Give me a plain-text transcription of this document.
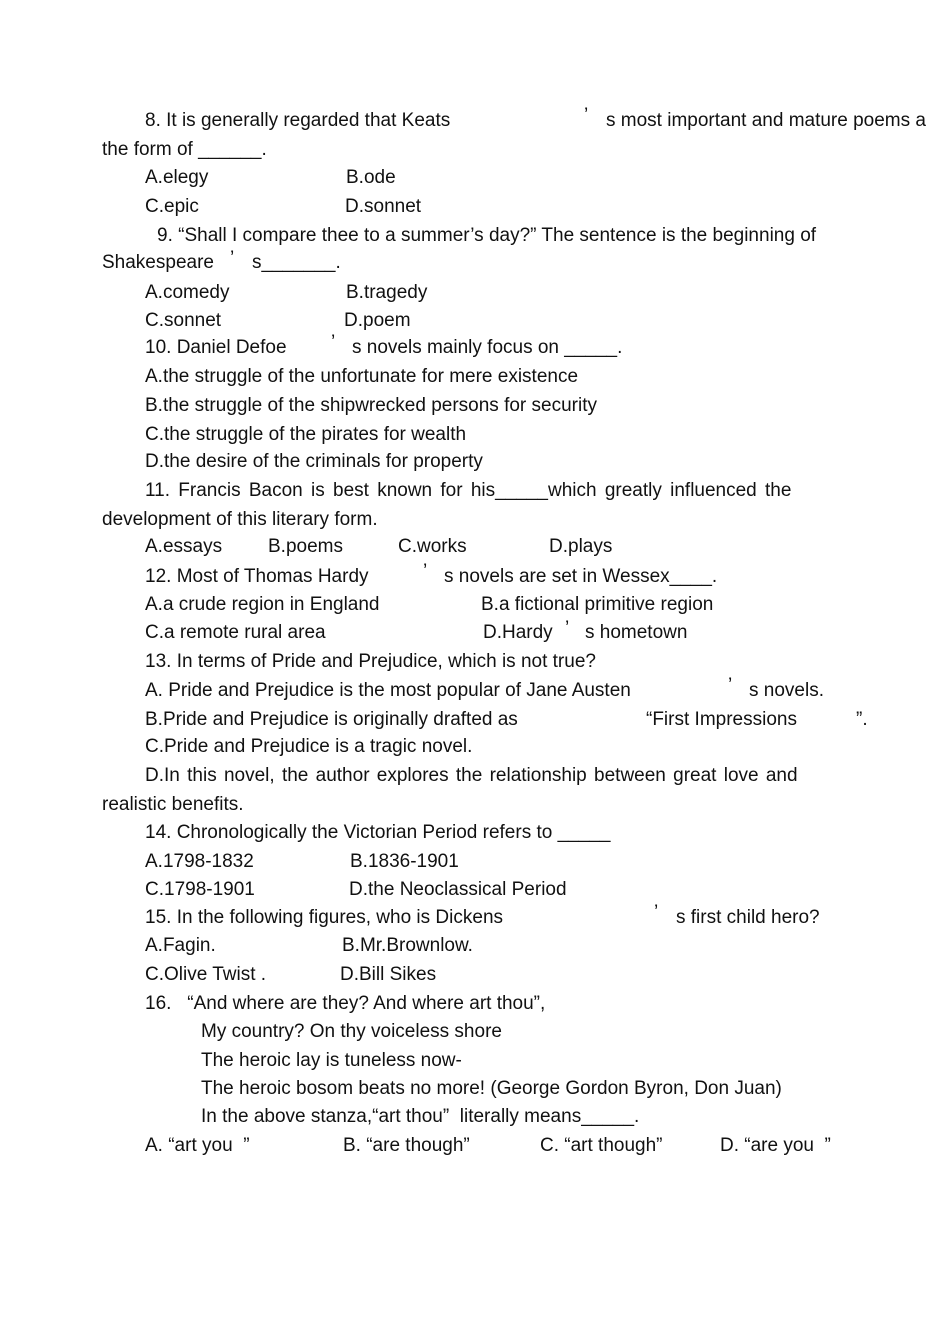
8. It is generally regarded that Keats	’ s most important and mature poems a
the form of ______.
A.elegy	B.ode
C.epic	D.sonnet
9. “Shall I compare thee to a summer’s day?” The sentence is the beginning of
Shakespeare ’ s_______.
A.comedy	B.tragedy
C.sonnet	D.poem
10. Daniel Defoe ’ s novels mainly focus on _____.
A.the struggle of the unfortunate for mere existence
B.the struggle of the shipwrecked persons for security
C.the struggle of the pirates for wealth
D.the desire of the criminals for property
11. Francis Bacon is best known for his_____which greatly influenced the
development of this literary form.
A.essays B.poems	C.works	D.plays
12. Most of Thomas Hardy	’ s novels are set in Wessex____.
A.a crude region in England	B.a fictional primitive region
C.a remote rural area	D.Hardy ’ s hometown
13. In terms of Pride and Prejudice, which is not true?
A. Pride and Prejudice is the most popular of Jane Austen	’ s novels.
B.Pride and Prejudice is originally drafted as	“First Impressions	”.
C.Pride and Prejudice is a tragic novel.
D.In this novel, the author explores the relationship between great love and
realistic benefits.
14. Chronologically the Victorian Period refers to _____
A.1798-1832	B.1836-1901
C.1798-1901	D.the Neoclassical Period
15. In the following figures, who is Dickens	’ s first child hero?
A.Fagin.	B.Mr.Brownlow.
C.Olive Twist .	D.Bill Sikes
16.   “And where are they? And where art thou”,
My country? On thy voiceless shore
The heroic lay is tuneless now-
The heroic bosom beats no more! (George Gordon Byron, Don Juan)
In the above stanza,“art thou”  literally means_____.
A. “art you  ”	B. “are though”	C. “art though”	D. “are you  ”
